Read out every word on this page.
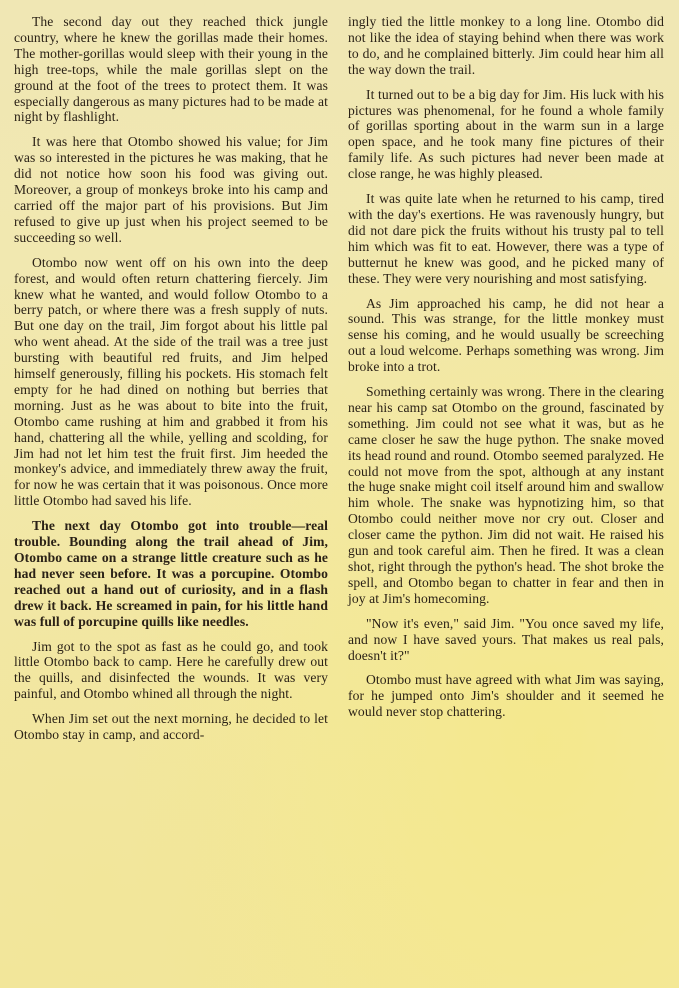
The second day out they reached thick jungle country, where he knew the gorillas made their homes. The mother-gorillas would sleep with their young in the high tree-tops, while the male gorillas slept on the ground at the foot of the trees to protect them. It was especially dangerous as many pictures had to be made at night by flashlight.

It was here that Otombo showed his value; for Jim was so interested in the pictures he was making, that he did not notice how soon his food was giving out. Moreover, a group of monkeys broke into his camp and carried off the major part of his provisions. But Jim refused to give up just when his project seemed to be succeeding so well.

Otombo now went off on his own into the deep forest, and would often return chattering fiercely. Jim knew what he wanted, and would follow Otombo to a berry patch, or where there was a fresh supply of nuts. But one day on the trail, Jim forgot about his little pal who went ahead. At the side of the trail was a tree just bursting with beautiful red fruits, and Jim helped himself generously, filling his pockets. His stomach felt empty for he had dined on nothing but berries that morning. Just as he was about to bite into the fruit, Otombo came rushing at him and grabbed it from his hand, chattering all the while, yelling and scolding, for Jim had not let him test the fruit first. Jim heeded the monkey's advice, and immediately threw away the fruit, for now he was certain that it was poisonous. Once more little Otombo had saved his life.

The next day Otombo got into trouble—real trouble. Bounding along the trail ahead of Jim, Otombo came on a strange little creature such as he had never seen before. It was a porcupine. Otombo reached out a hand out of curiosity, and in a flash drew it back. He screamed in pain, for his little hand was full of porcupine quills like needles.

Jim got to the spot as fast as he could go, and took little Otombo back to camp. Here he carefully drew out the quills, and disinfected the wounds. It was very painful, and Otombo whined all through the night.

When Jim set out the next morning, he decided to let Otombo stay in camp, and accord-

ingly tied the little monkey to a long line. Otombo did not like the idea of staying behind when there was work to do, and he complained bitterly. Jim could hear him all the way down the trail.

It turned out to be a big day for Jim. His luck with his pictures was phenomenal, for he found a whole family of gorillas sporting about in the warm sun in a large open space, and he took many fine pictures of their family life. As such pictures had never been made at close range, he was highly pleased.

It was quite late when he returned to his camp, tired with the day's exertions. He was ravenously hungry, but did not dare pick the fruits without his trusty pal to tell him which was fit to eat. However, there was a type of butternut he knew was good, and he picked many of these. They were very nourishing and most satisfying.

As Jim approached his camp, he did not hear a sound. This was strange, for the little monkey must sense his coming, and he would usually be screeching out a loud welcome. Perhaps something was wrong. Jim broke into a trot.

Something certainly was wrong. There in the clearing near his camp sat Otombo on the ground, fascinated by something. Jim could not see what it was, but as he came closer he saw the huge python. The snake moved its head round and round. Otombo seemed paralyzed. He could not move from the spot, although at any instant the huge snake might coil itself around him and swallow him whole. The snake was hypnotizing him, so that Otombo could neither move nor cry out. Closer and closer came the python. Jim did not wait. He raised his gun and took careful aim. Then he fired. It was a clean shot, right through the python's head. The shot broke the spell, and Otombo began to chatter in fear and then in joy at Jim's homecoming.

"Now it's even," said Jim. "You once saved my life, and now I have saved yours. That makes us real pals, doesn't it?"

Otombo must have agreed with what Jim was saying, for he jumped onto Jim's shoulder and it seemed he would never stop chattering.
